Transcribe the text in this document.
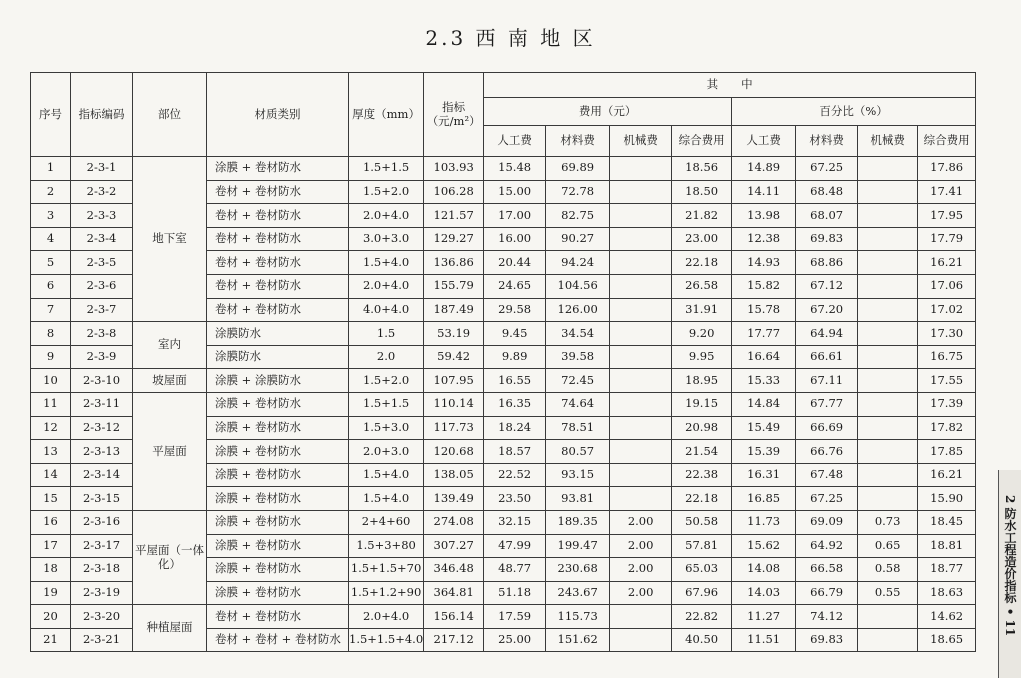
2.3 西 南 地 区
序号	指标编码	部位	材质类别	厚度（mm）	指标（元/m²）	其　　中							
						费用（元）				百分比（%）			
						人工费	材料费	机械费	综合费用	人工费	材料费	机械费	综合费用
1	2-3-1	地下室	涂膜 + 卷材防水	1.5+1.5	103.93	15.48	69.89		18.56	14.89	67.25		17.86
2	2-3-2		卷材 + 卷材防水	1.5+2.0	106.28	15.00	72.78		18.50	14.11	68.48		17.41
3	2-3-3		卷材 + 卷材防水	2.0+4.0	121.57	17.00	82.75		21.82	13.98	68.07		17.95
4	2-3-4		卷材 + 卷材防水	3.0+3.0	129.27	16.00	90.27		23.00	12.38	69.83		17.79
5	2-3-5		卷材 + 卷材防水	1.5+4.0	136.86	20.44	94.24		22.18	14.93	68.86		16.21
6	2-3-6		卷材 + 卷材防水	2.0+4.0	155.79	24.65	104.56		26.58	15.82	67.12		17.06
7	2-3-7		卷材 + 卷材防水	4.0+4.0	187.49	29.58	126.00		31.91	15.78	67.20		17.02
8	2-3-8	室内	涂膜防水	1.5	53.19	9.45	34.54		9.20	17.77	64.94		17.30
9	2-3-9		涂膜防水	2.0	59.42	9.89	39.58		9.95	16.64	66.61		16.75
10	2-3-10	坡屋面	涂膜 + 涂膜防水	1.5+2.0	107.95	16.55	72.45		18.95	15.33	67.11		17.55
11	2-3-11	平屋面	涂膜 + 卷材防水	1.5+1.5	110.14	16.35	74.64		19.15	14.84	67.77		17.39
12	2-3-12		涂膜 + 卷材防水	1.5+3.0	117.73	18.24	78.51		20.98	15.49	66.69		17.82
13	2-3-13		涂膜 + 卷材防水	2.0+3.0	120.68	18.57	80.57		21.54	15.39	66.76		17.85
14	2-3-14		涂膜 + 卷材防水	1.5+4.0	138.05	22.52	93.15		22.38	16.31	67.48		16.21
15	2-3-15		涂膜 + 卷材防水	1.5+4.0	139.49	23.50	93.81		22.18	16.85	67.25		15.90
16	2-3-16	平屋面（一体化）	涂膜 + 卷材防水	2+4+60	274.08	32.15	189.35	2.00	50.58	11.73	69.09	0.73	18.45
17	2-3-17		涂膜 + 卷材防水	1.5+3+80	307.27	47.99	199.47	2.00	57.81	15.62	64.92	0.65	18.81
18	2-3-18		涂膜 + 卷材防水	1.5+1.5+70	346.48	48.77	230.68	2.00	65.03	14.08	66.58	0.58	18.77
19	2-3-19		涂膜 + 卷材防水	1.5+1.2+90	364.81	51.18	243.67	2.00	67.96	14.03	66.79	0.55	18.63
20	2-3-20	种植屋面	卷材 + 卷材防水	2.0+4.0	156.14	17.59	115.73		22.82	11.27	74.12		14.62
21	2-3-21		卷材 + 卷材 + 卷材防水	1.5+1.5+4.0	217.12	25.00	151.62		40.50	11.51	69.83		18.65
2 防水工程造价指标 • 11
